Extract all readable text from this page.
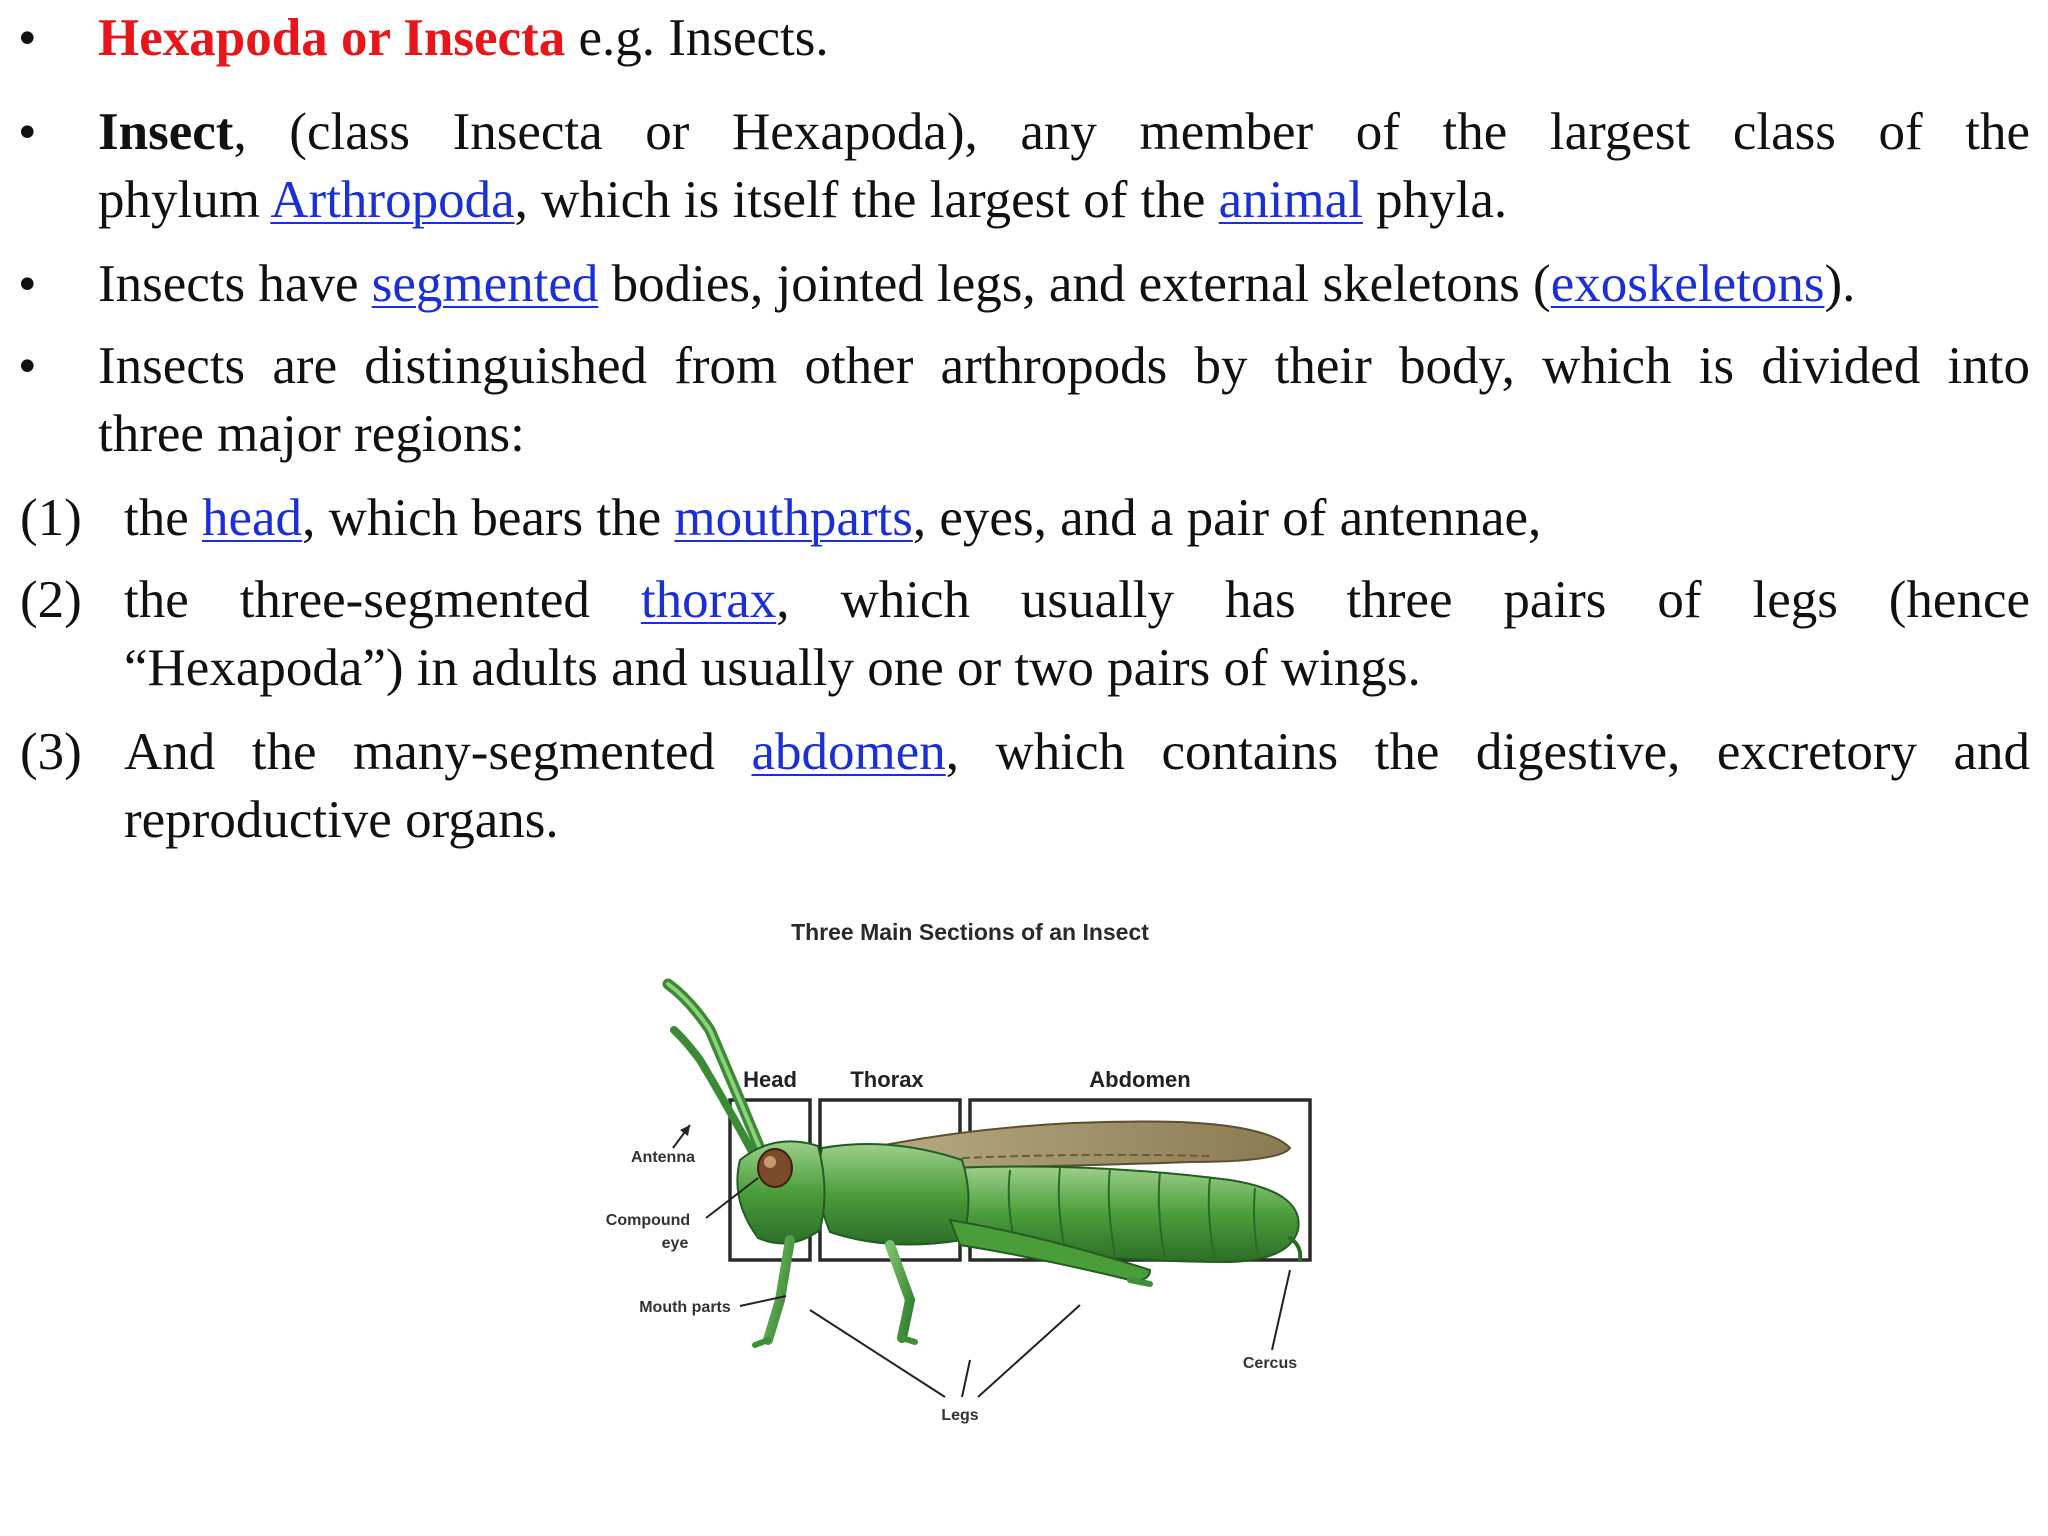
• Hexapoda or Insecta e.g. Insects.
• Insect, (class Insecta or Hexapoda), any member of the largest class of the
phylum Arthropoda, which is itself the largest of the animal phyla.
• Insects have segmented bodies, jointed legs, and external skeletons (exoskeletons).
• Insects are distinguished from other arthropods by their body, which is divided into
three major regions:
(1) the head, which bears the mouthparts, eyes, and a pair of antennae,
(2) the three-segmented thorax, which usually has three pairs of legs (hence
“Hexapoda”) in adults and usually one or two pairs of wings.
(3) And the many-segmented abdomen, which contains the digestive, excretory and
reproductive organs.
Three Main Sections of an Insect
Head Thorax	Abdomen
Antenna
Compound
eye
Mouth parts
Legs
Cercus
